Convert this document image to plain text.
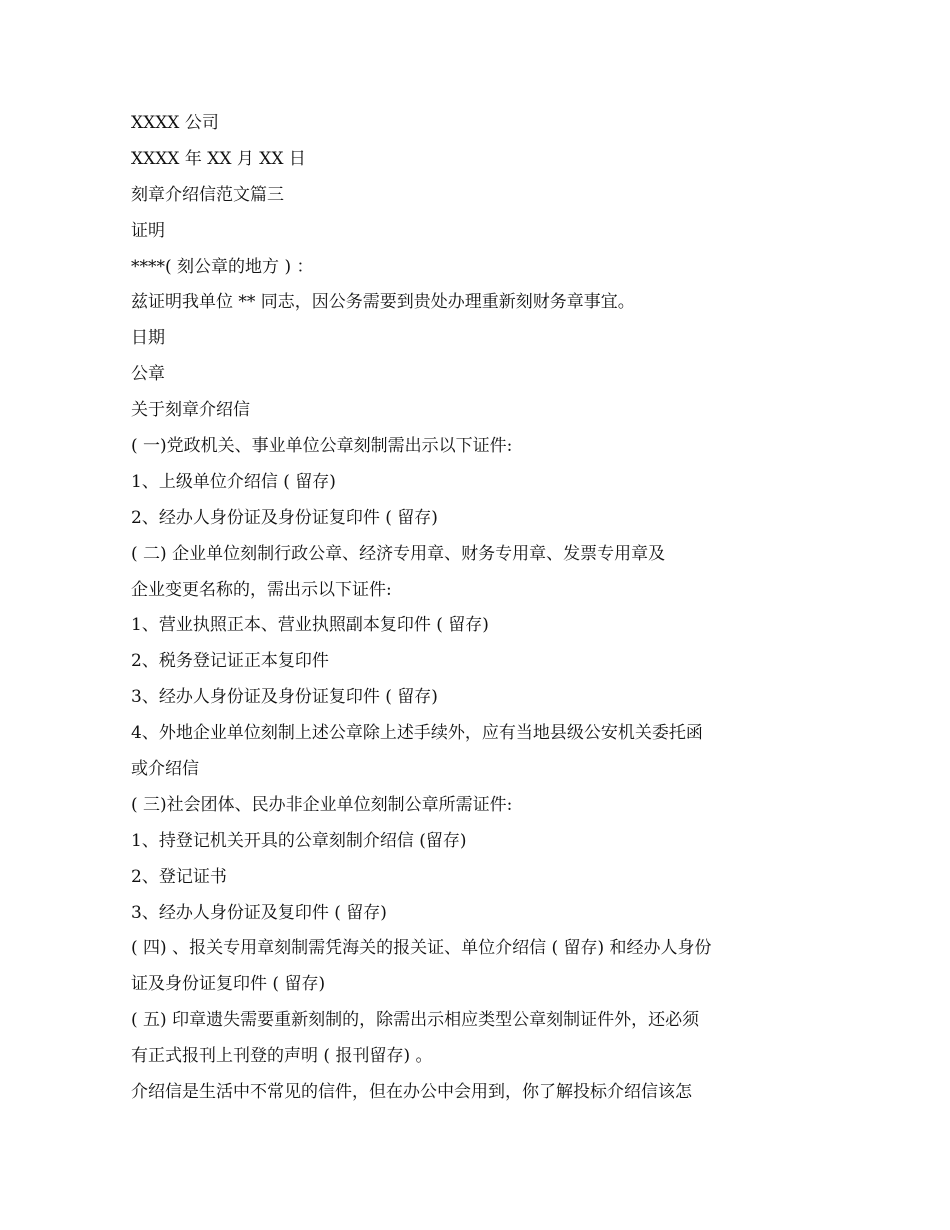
XXXX 公司
XXXX 年 XX 月 XX 日
刻章介绍信范文篇三
证明
****( 刻公章的地方 ) ：
兹证明我单位 ** 同志，因公务需要到贵处办理重新刻财务章事宜。
日期
公章
关于刻章介绍信
( 一)党政机关、事业单位公章刻制需出示以下证件:
1、上级单位介绍信 ( 留存)
2、经办人身份证及身份证复印件 ( 留存)
( 二) 企业单位刻制行政公章、经济专用章、财务专用章、发票专用章及
企业变更名称的，需出示以下证件:
1、营业执照正本、营业执照副本复印件 ( 留存)
2、税务登记证正本复印件
3、经办人身份证及身份证复印件 ( 留存)
4、外地企业单位刻制上述公章除上述手续外，应有当地县级公安机关委托函
或介绍信
( 三)社会团体、民办非企业单位刻制公章所需证件:
1、持登记机关开具的公章刻制介绍信 (留存)
2、登记证书
3、经办人身份证及复印件 ( 留存)
( 四) 、报关专用章刻制需凭海关的报关证、单位介绍信 ( 留存) 和经办人身份
证及身份证复印件 ( 留存)
( 五) 印章遗失需要重新刻制的，除需出示相应类型公章刻制证件外，还必须
有正式报刊上刊登的声明 ( 报刊留存) 。
介绍信是生活中不常见的信件，但在办公中会用到，你了解投标介绍信该怎
